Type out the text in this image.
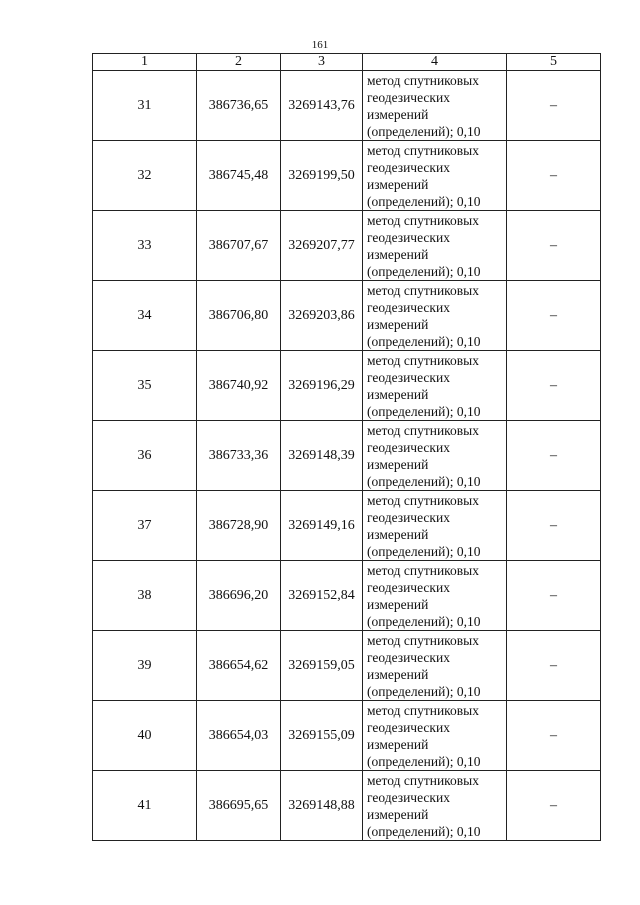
161
1	2	3	4	5
31	386736,65	3269143,76	метод спутниковых
геодезических
измерений
(определений); 0,10	–
32	386745,48	3269199,50	метод спутниковых
геодезических
измерений
(определений); 0,10	–
33	386707,67	3269207,77	метод спутниковых
геодезических
измерений
(определений); 0,10	–
34	386706,80	3269203,86	метод спутниковых
геодезических
измерений
(определений); 0,10	–
35	386740,92	3269196,29	метод спутниковых
геодезических
измерений
(определений); 0,10	–
36	386733,36	3269148,39	метод спутниковых
геодезических
измерений
(определений); 0,10	–
37	386728,90	3269149,16	метод спутниковых
геодезических
измерений
(определений); 0,10	–
38	386696,20	3269152,84	метод спутниковых
геодезических
измерений
(определений); 0,10	–
39	386654,62	3269159,05	метод спутниковых
геодезических
измерений
(определений); 0,10	–
40	386654,03	3269155,09	метод спутниковых
геодезических
измерений
(определений); 0,10	–
41	386695,65	3269148,88	метод спутниковых
геодезических
измерений
(определений); 0,10	–
